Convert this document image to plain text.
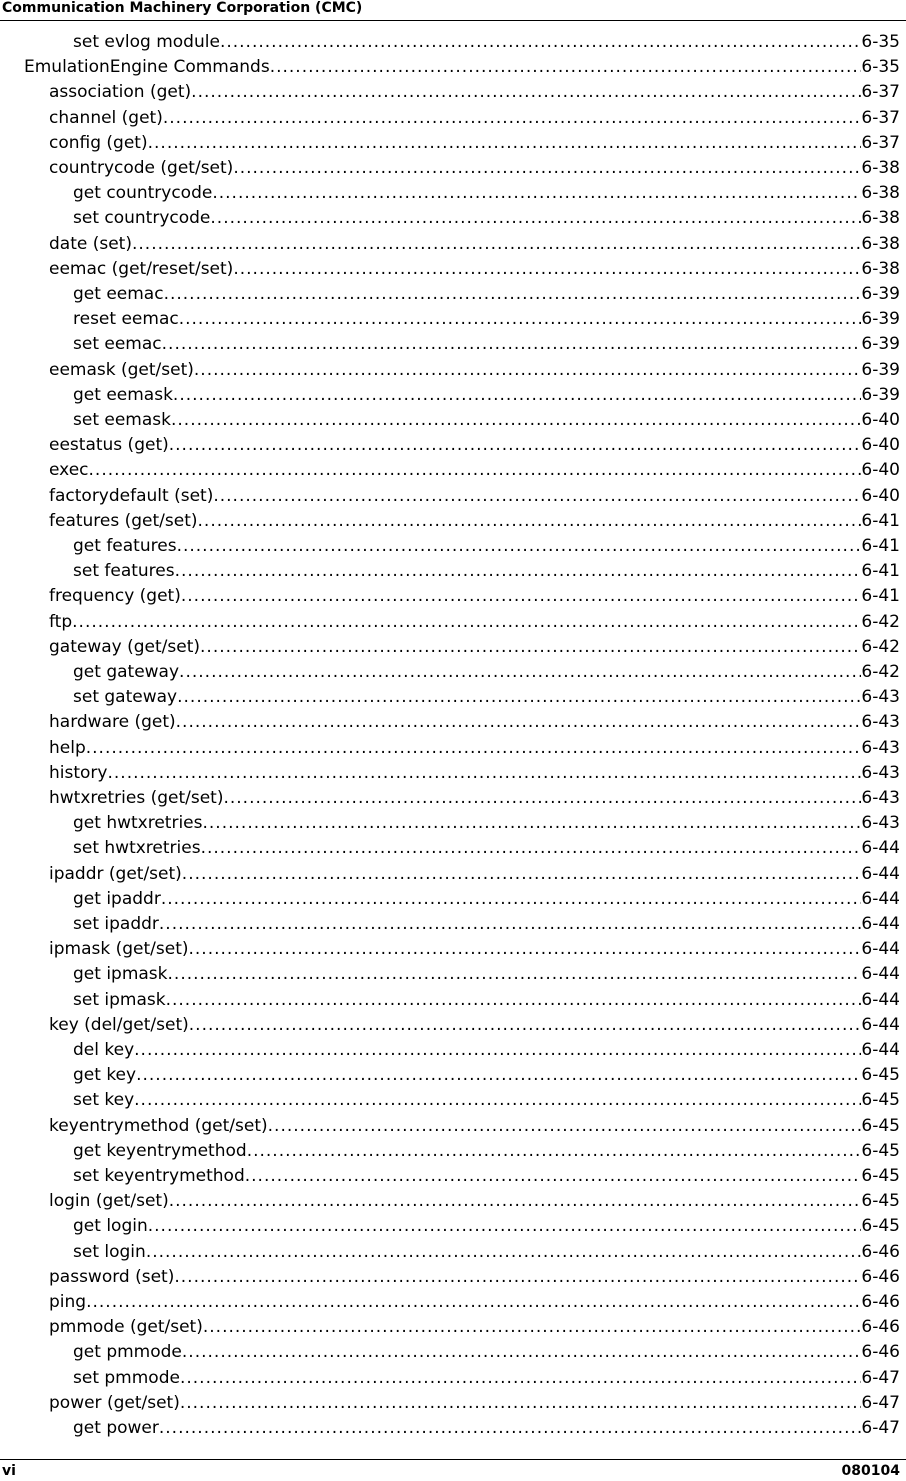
Communication Machinery Corporation (CMC)
set evlog module .....	6-35
EmulationEngine Commands .....	6-35
association (get) .....	6-37
channel (get) .....	6-37
config (get) .....	6-37
countrycode (get/set) .....	6-38
get countrycode .....	6-38
set countrycode .....	6-38
date (set) .....	6-38
eemac (get/reset/set) .....	6-38
get eemac .....	6-39
reset eemac .....	6-39
set eemac .....	6-39
eemask (get/set) .....	6-39
get eemask .....	6-39
set eemask .....	6-40
eestatus (get) .....	6-40
exec .....	6-40
factorydefault (set) .....	6-40
features (get/set) .....	6-41
get features .....	6-41
set features .....	6-41
frequency (get) .....	6-41
ftp .....	6-42
gateway (get/set) .....	6-42
get gateway .....	6-42
set gateway .....	6-43
hardware (get) .....	6-43
help .....	6-43
history .....	6-43
hwtxretries (get/set) .....	6-43
get hwtxretries .....	6-43
set hwtxretries .....	6-44
ipaddr (get/set) .....	6-44
get ipaddr .....	6-44
set ipaddr .....	6-44
ipmask (get/set) .....	6-44
get ipmask .....	6-44
set ipmask .....	6-44
key (del/get/set) .....	6-44
del key .....	6-44
get key .....	6-45
set key .....	6-45
keyentrymethod (get/set) .....	6-45
get keyentrymethod .....	6-45
set keyentrymethod .....	6-45
login (get/set) .....	6-45
get login .....	6-45
set login .....	6-46
password (set) .....	6-46
ping .....	6-46
pmmode (get/set) .....	6-46
get pmmode .....	6-46
set pmmode .....	6-47
power (get/set) .....	6-47
get power .....	6-47
vi	080104
